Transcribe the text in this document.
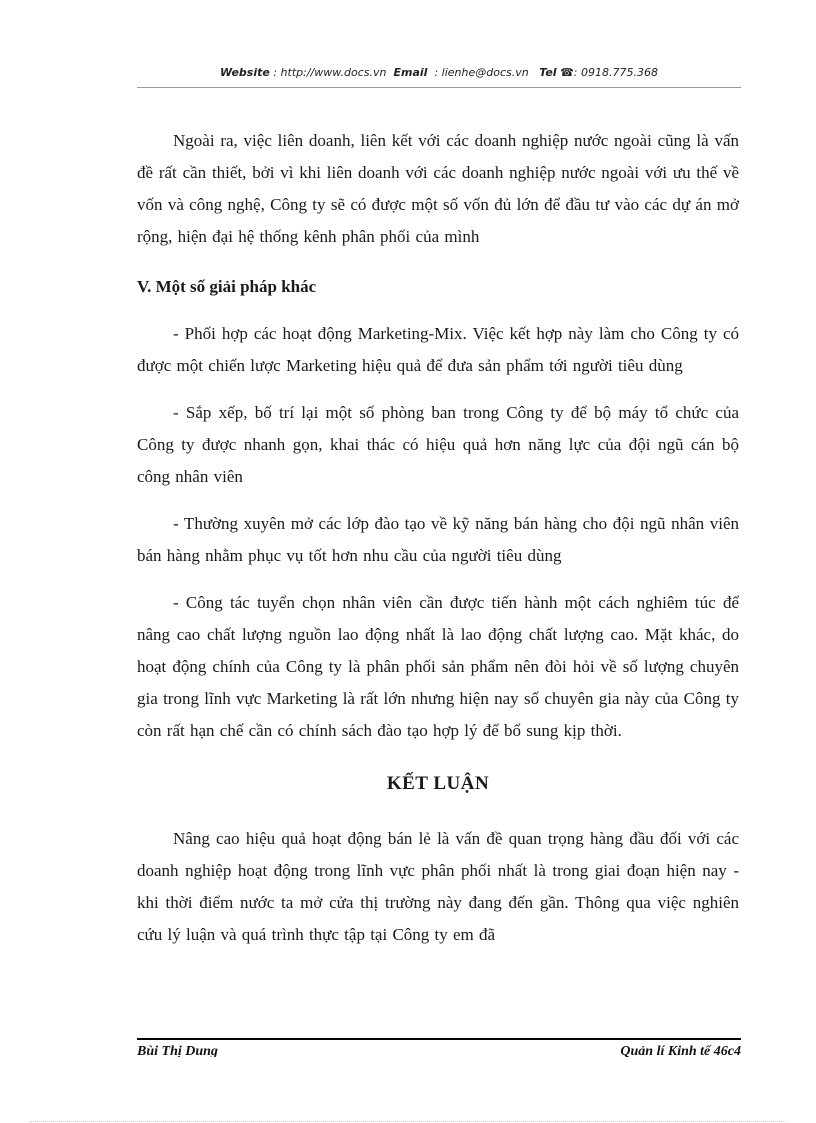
Website : http://www.docs.vn Email : lienhe@docs.vn Tel ☎: 0918.775.368

Ngoài ra, việc liên doanh, liên kết với các doanh nghiệp nước ngoài cũng là vấn đề rất cần thiết, bởi vì khi liên doanh với các doanh nghiệp nước ngoài với ưu thế về vốn và công nghệ, Công ty sẽ có được một số vốn đủ lớn để đầu tư vào các dự án mở rộng, hiện đại hệ thống kênh phân phối của mình

V. Một số giải pháp khác

- Phối hợp các hoạt động Marketing-Mix. Việc kết hợp này làm cho Công ty có được một chiến lược Marketing hiệu quả để đưa sản phẩm tới người tiêu dùng

- Sắp xếp, bố trí lại một số phòng ban trong Công ty để bộ máy tổ chức của Công ty được nhanh gọn, khai thác có hiệu quả hơn năng lực của đội ngũ cán bộ công nhân viên

- Thường xuyên mở các lớp đào tạo về kỹ năng bán hàng cho đội ngũ nhân viên bán hàng nhằm phục vụ tốt hơn nhu cầu của người tiêu dùng

- Công tác tuyển chọn nhân viên cần được tiến hành một cách nghiêm túc để nâng cao chất lượng nguồn lao động nhất là lao động chất lượng cao. Mặt khác, do hoạt động chính của Công ty là phân phối sản phẩm nên đòi hỏi về số lượng chuyên gia trong lĩnh vực Marketing là rất lớn nhưng hiện nay số chuyên gia này của Công ty còn rất hạn chế cần có chính sách đào tạo hợp lý để bổ sung kịp thời.

KẾT LUẬN

Nâng cao hiệu quả hoạt động bán lẻ là vấn đề quan trọng hàng đầu đối với các doanh nghiệp hoạt động trong lĩnh vực phân phối nhất là trong giai đoạn hiện nay - khi thời điểm nước ta mở cửa thị trường này đang đến gần. Thông qua việc nghiên cứu lý luận và quá trình thực tập tại Công ty em đã

Bùi Thị Dung	Quản lí Kinh tế 46c4
